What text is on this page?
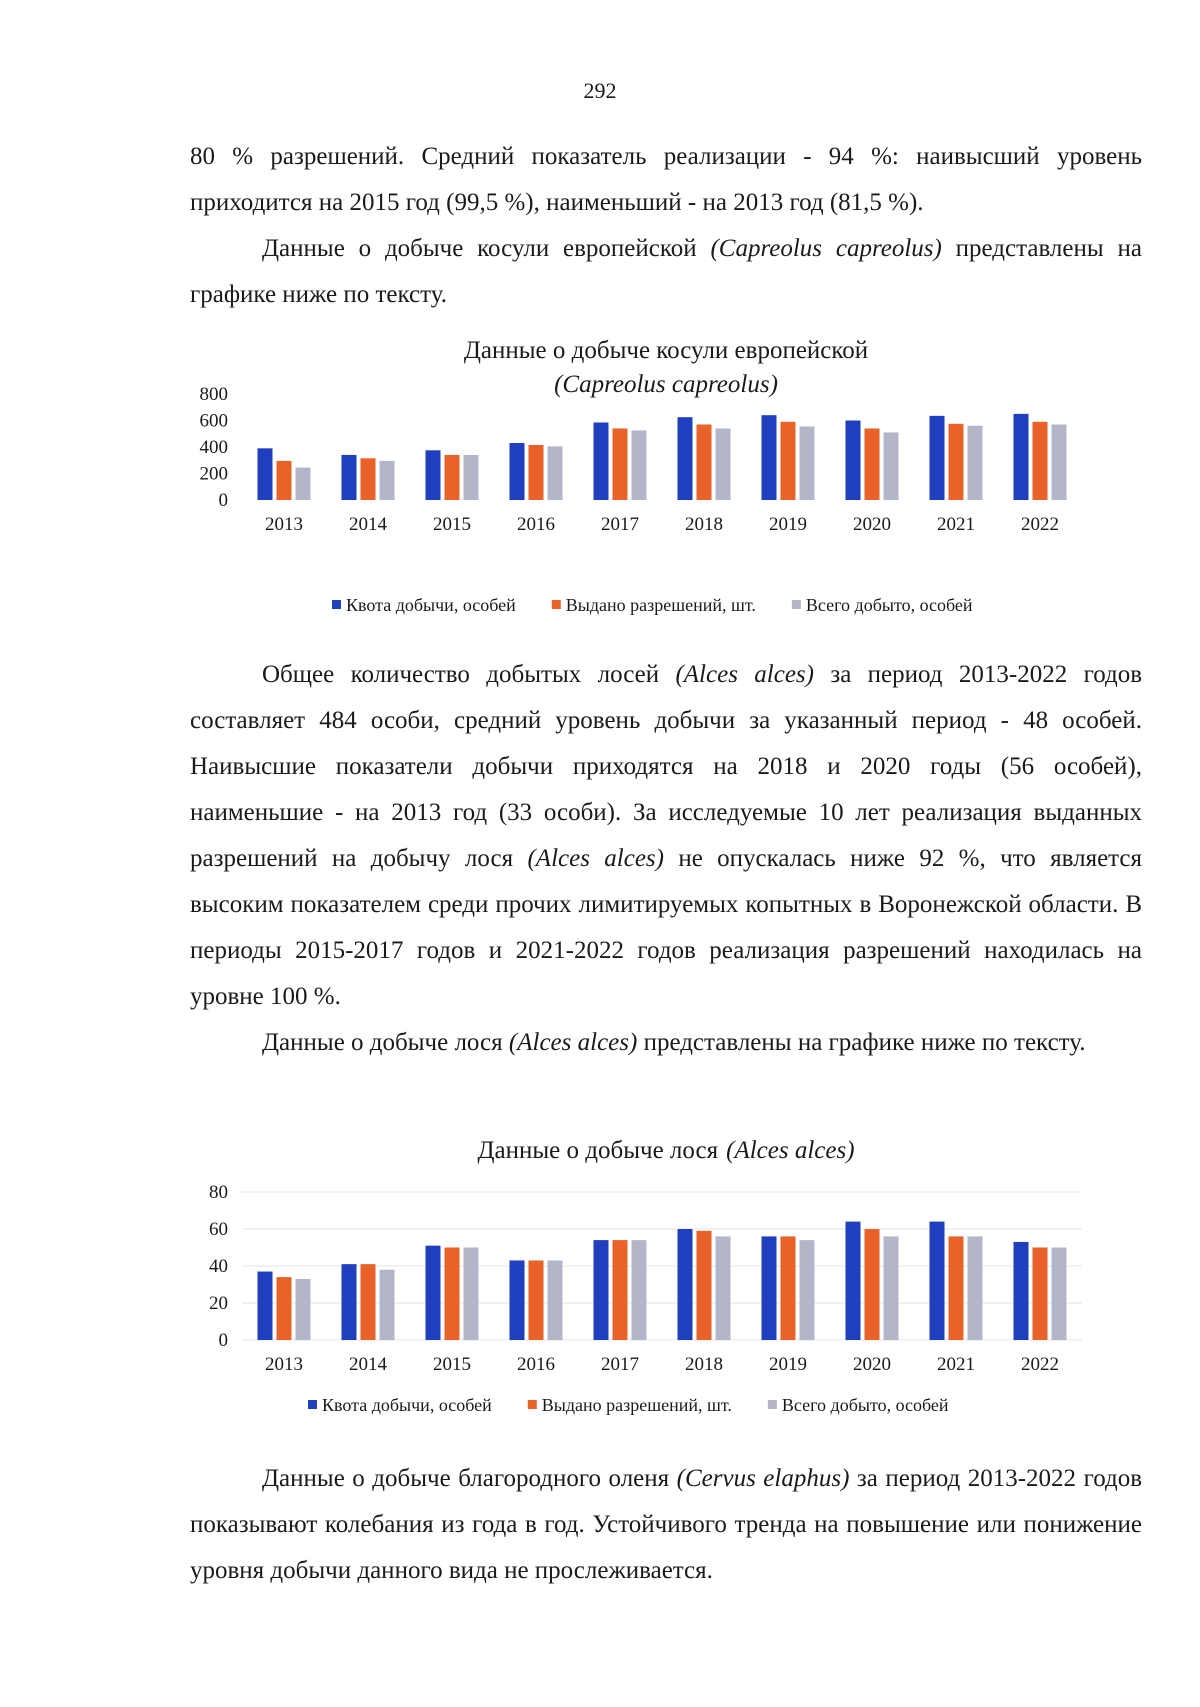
292

80 % разрешений. Средний показатель реализации - 94 %: наивысший уровень приходится на 2015 год (99,5 %), наименьший - на 2013 год (81,5 %).

Данные о добыче косули европейской (Capreolus capreolus) представлены на графике ниже по тексту.

Данные о добыче косули европейской
(Capreolus capreolus)
0
200
400
600
800
2013 2014 2015 2016 2017 2018 2019 2020 2021 2022
Квота добычи, особей	Выдано разрешений, шт.	Всего добыто, особей

Общее количество добытых лосей (Alces alces) за период 2013-2022 годов составляет 484 особи, средний уровень добычи за указанный период - 48 особей. Наивысшие показатели добычи приходятся на 2018 и 2020 годы (56 особей), наименьшие - на 2013 год (33 особи). За исследуемые 10 лет реализация выданных разрешений на добычу лося (Alces alces) не опускалась ниже 92 %, что является высоким показателем среди прочих лимитируемых копытных в Воронежской области. В периоды 2015-2017 годов и 2021-2022 годов реализация разрешений находилась на уровне 100 %.

Данные о добыче лося (Alces alces) представлены на графике ниже по тексту.

Данные о добыче лося (Alces alces)
0
20
40
60
80
2013 2014 2015 2016 2017 2018 2019 2020 2021 2022
Квота добычи, особей	Выдано разрешений, шт.	Всего добыто, особей

Данные о добыче благородного оленя (Cervus elaphus) за период 2013-2022 годов показывают колебания из года в год. Устойчивого тренда на повышение или понижение уровня добычи данного вида не прослеживается.
